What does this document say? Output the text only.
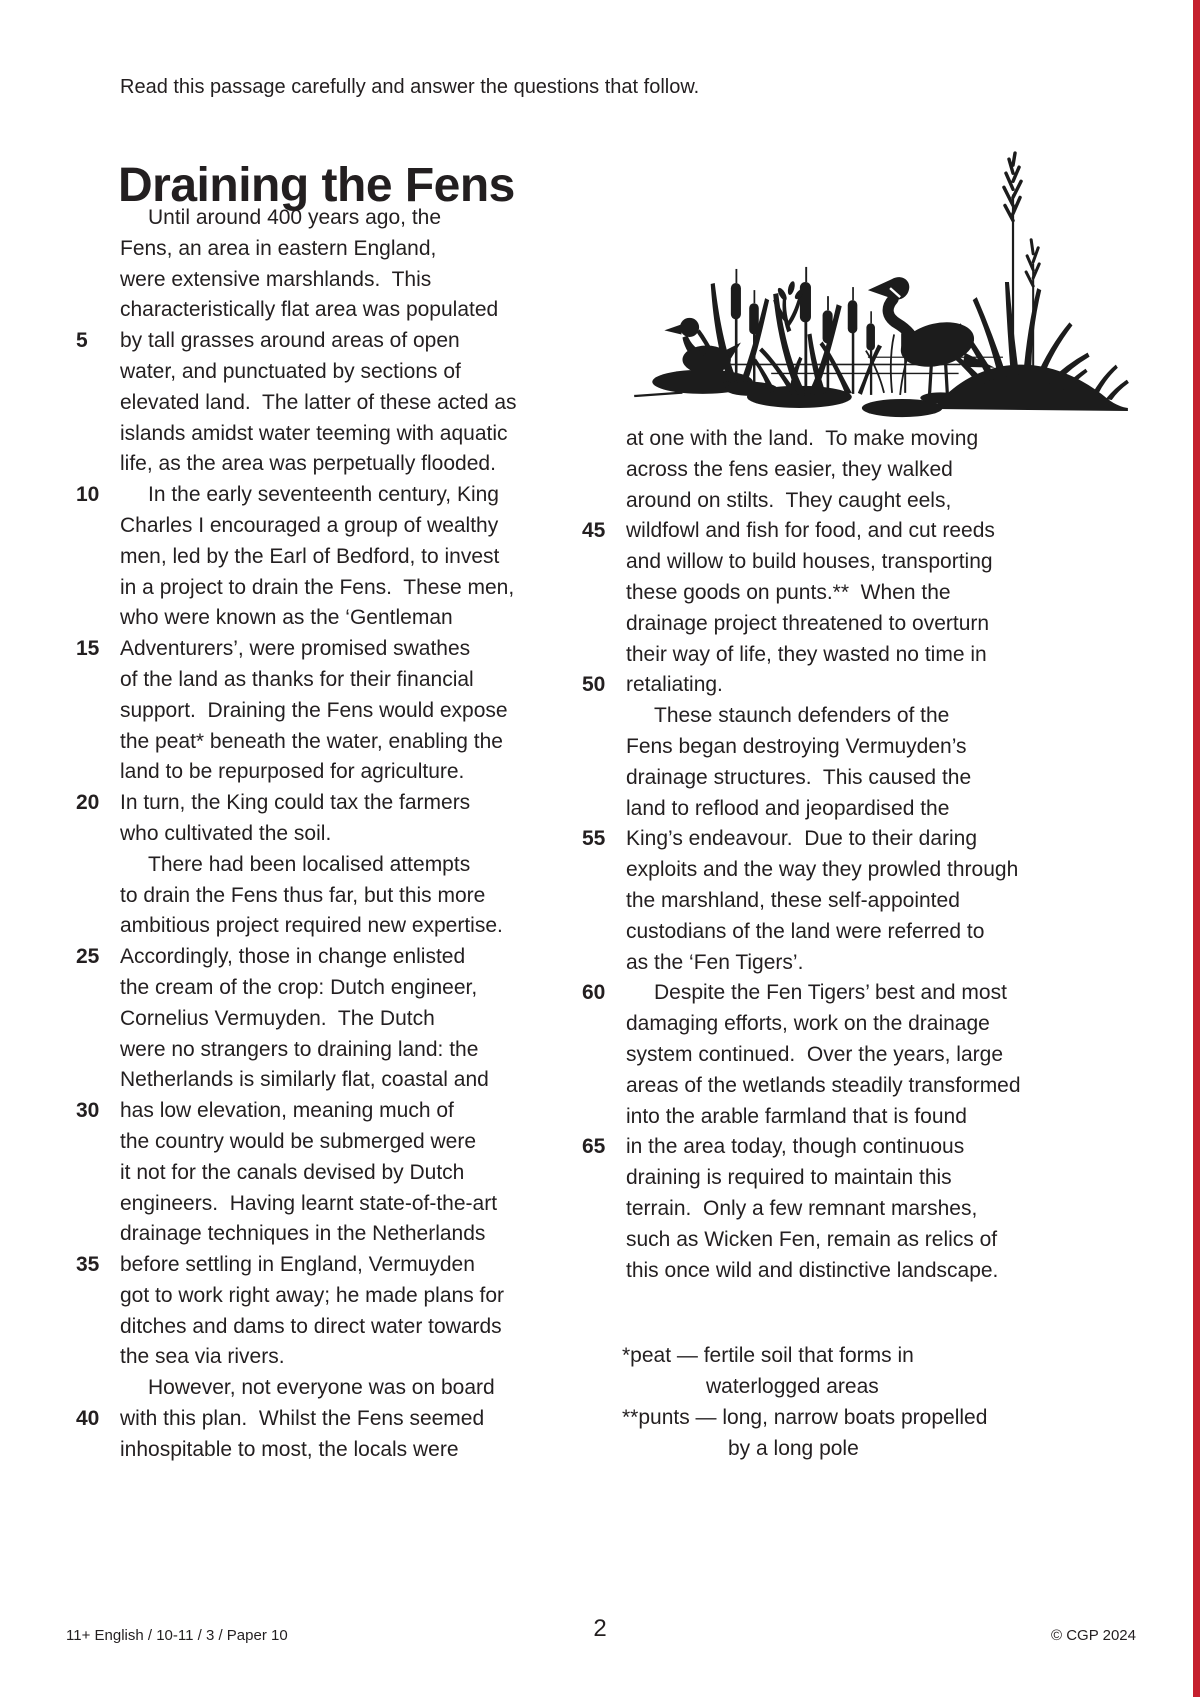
Read this passage carefully and answer the questions that follow.
Draining the Fens
Until around 400 years ago, the
Fens, an area in eastern England,
were extensive marshlands.  This
characteristically flat area was populated
5	by tall grasses around areas of open
water, and punctuated by sections of
elevated land.  The latter of these acted as
islands amidst water teeming with aquatic
life, as the area was perpetually flooded.
10	In the early seventeenth century, King
Charles I encouraged a group of wealthy
men, led by the Earl of Bedford, to invest
in a project to drain the Fens.  These men,
who were known as the ‘Gentleman
15 Adventurers’, were promised swathes
of the land as thanks for their financial
support.  Draining the Fens would expose
the peat* beneath the water, enabling the
land to be repurposed for agriculture.
20 In turn, the King could tax the farmers
who cultivated the soil.
There had been localised attempts
to drain the Fens thus far, but this more
ambitious project required new expertise.
25 Accordingly, those in change enlisted
the cream of the crop: Dutch engineer,
Cornelius Vermuyden.  The Dutch
were no strangers to draining land: the
Netherlands is similarly flat, coastal and
30 has low elevation, meaning much of
the country would be submerged were
it not for the canals devised by Dutch
engineers.  Having learnt state-of-the-art
drainage techniques in the Netherlands
35 before settling in England, Vermuyden
got to work right away; he made plans for
ditches and dams to direct water towards
the sea via rivers.
However, not everyone was on board
40 with this plan.  Whilst the Fens seemed
inhospitable to most, the locals were
at one with the land.  To make moving
across the fens easier, they walked
around on stilts.  They caught eels,
45 wildfowl and fish for food, and cut reeds
and willow to build houses, transporting
these goods on punts.**  When the
drainage project threatened to overturn
their way of life, they wasted no time in
50 retaliating.
These staunch defenders of the
Fens began destroying Vermuyden’s
drainage structures.  This caused the
land to reflood and jeopardised the
55 King’s endeavour.  Due to their daring
exploits and the way they prowled through
the marshland, these self-appointed
custodians of the land were referred to
as the ‘Fen Tigers’.
60	Despite the Fen Tigers’ best and most
damaging efforts, work on the drainage
system continued.  Over the years, large
areas of the wetlands steadily transformed
into the arable farmland that is found
65 in the area today, though continuous
draining is required to maintain this
terrain.  Only a few remnant marshes,
such as Wicken Fen, remain as relics of
this once wild and distinctive landscape.
*peat — fertile soil that forms in
waterlogged areas
**punts — long, narrow boats propelled
by a long pole
11+ English / 10-11 / 3 / Paper 10	2	© CGP 2024
